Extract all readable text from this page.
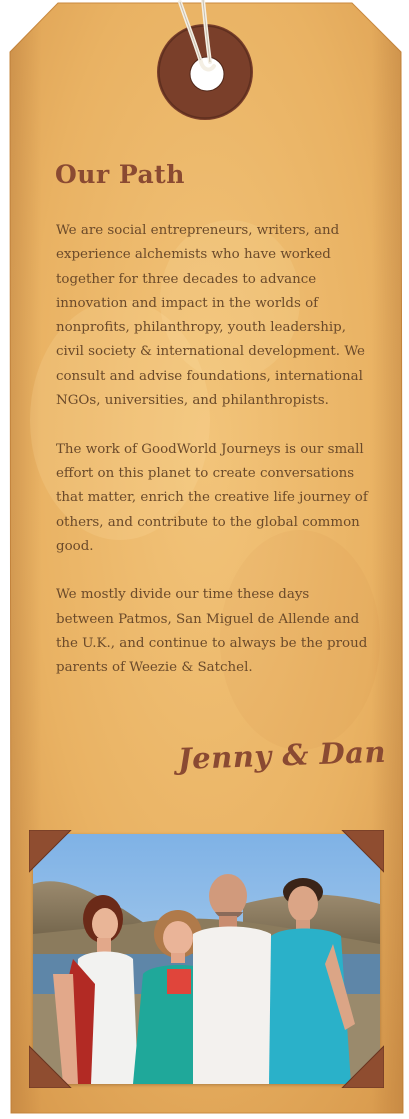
Our Path

We are social entrepreneurs, writers, and experience alchemists who have worked together for three decades to advance innovation and impact in the worlds of nonprofits, philanthropy, youth leadership, civil society & international development. We consult and advise foundations, international NGOs, universities, and philanthropists.

The work of GoodWorld Journeys is our small effort on this planet to create conversations that matter, enrich the creative life journey of others, and contribute to the global common good.

We mostly divide our time these days between Patmos, San Miguel de Allende and the U.K., and continue to always be the proud parents of Weezie & Satchel.

Jenny & Dan
